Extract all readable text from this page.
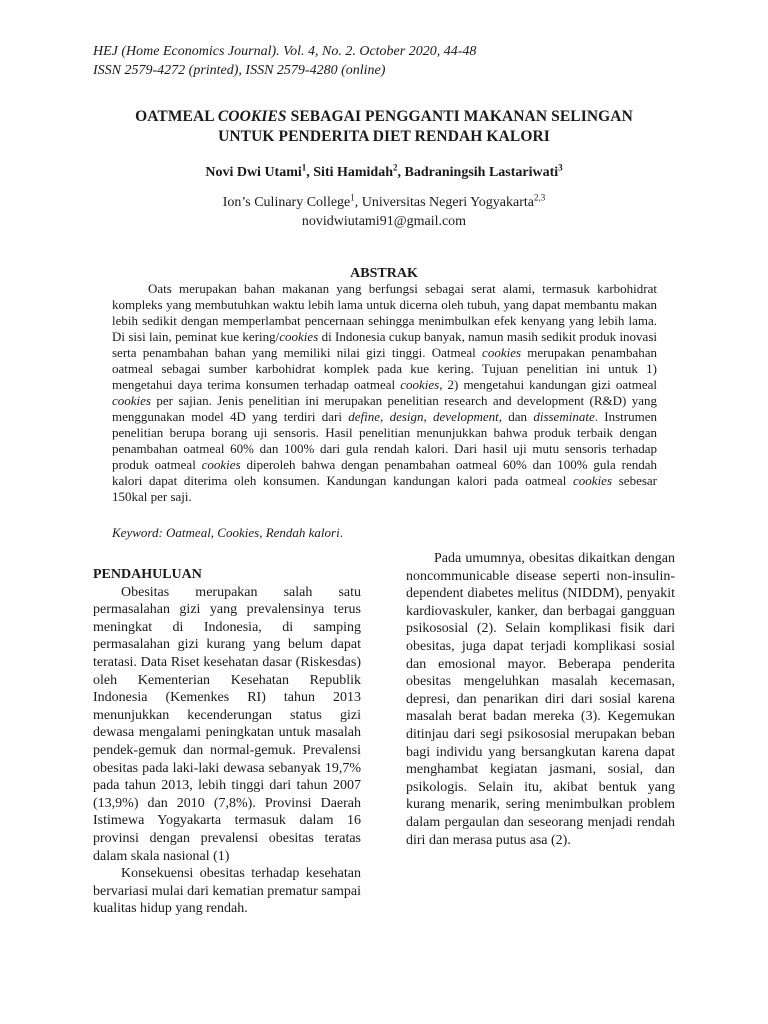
HEJ (Home Economics Journal). Vol. 4, No. 2. October 2020, 44-48
ISSN 2579-4272 (printed), ISSN 2579-4280 (online)
OATMEAL COOKIES SEBAGAI PENGGANTI MAKANAN SELINGAN
UNTUK PENDERITA DIET RENDAH KALORI
Novi Dwi Utami$^1$, Siti Hamidah$^2$, Badraningsih Lastariwati$^3$
Ion’s Culinary College$^1$, Universitas Negeri Yogyakarta$^{2,3}$
novidwiutami91@gmail.com
ABSTRAK

Oats merupakan bahan makanan yang berfungsi sebagai serat alami, termasuk karbohidrat kompleks yang membutuhkan waktu lebih lama untuk dicerna oleh tubuh, yang dapat membantu makan lebih sedikit dengan memperlambat pencernaan sehingga menimbulkan efek kenyang yang lebih lama. Di sisi lain, peminat kue kering/cookies di Indonesia cukup banyak, namun masih sedikit produk inovasi serta penambahan bahan yang memiliki nilai gizi tinggi. Oatmeal cookies merupakan penambahan oatmeal sebagai sumber karbohidrat komplek pada kue kering. Tujuan penelitian ini untuk 1) mengetahui daya terima konsumen terhadap oatmeal cookies, 2) mengetahui kandungan gizi oatmeal cookies per sajian. Jenis penelitian ini merupakan penelitian research and development (R&D) yang menggunakan model 4D yang terdiri dari define, design, development, dan disseminate. Instrumen penelitian berupa borang uji sensoris. Hasil penelitian menunjukkan bahwa produk terbaik dengan penambahan oatmeal 60% dan 100% dari gula rendah kalori. Dari hasil uji mutu sensoris terhadap produk oatmeal cookies diperoleh bahwa dengan penambahan oatmeal 60% dan 100% gula rendah kalori dapat diterima oleh konsumen. Kandungan kandungan kalori pada oatmeal cookies sebesar 150kal per saji.

Keyword: Oatmeal, Cookies, Rendah kalori.
PENDAHULUAN

Obesitas merupakan salah satu permasalahan gizi yang prevalensinya terus meningkat di Indonesia, di samping permasalahan gizi kurang yang belum dapat teratasi. Data Riset kesehatan dasar (Riskesdas) oleh Kementerian Kesehatan Republik Indonesia (Kemenkes RI) tahun 2013 menunjukkan kecenderungan status gizi dewasa mengalami peningkatan untuk masalah pendek-gemuk dan normal-gemuk. Prevalensi obesitas pada laki-laki dewasa sebanyak 19,7% pada tahun 2013, lebih tinggi dari tahun 2007 (13,9%) dan 2010 (7,8%). Provinsi Daerah Istimewa Yogyakarta termasuk dalam 16 provinsi dengan prevalensi obesitas teratas dalam skala nasional (1)

Konsekuensi obesitas terhadap kesehatan bervariasi mulai dari kematian prematur sampai kualitas hidup yang rendah.

Pada umumnya, obesitas dikaitkan dengan noncommunicable disease seperti non-insulin-dependent diabetes melitus (NIDDM), penyakit kardiovaskuler, kanker, dan berbagai gangguan psikososial (2). Selain komplikasi fisik dari obesitas, juga dapat terjadi komplikasi sosial dan emosional mayor. Beberapa penderita obesitas mengeluhkan masalah kecemasan, depresi, dan penarikan diri dari sosial karena masalah berat badan mereka (3). Kegemukan ditinjau dari segi psikososial merupakan beban bagi individu yang bersangkutan karena dapat menghambat kegiatan jasmani, sosial, dan psikologis. Selain itu, akibat bentuk yang kurang menarik, sering menimbulkan problem dalam pergaulan dan seseorang menjadi rendah diri dan merasa putus asa (2).
